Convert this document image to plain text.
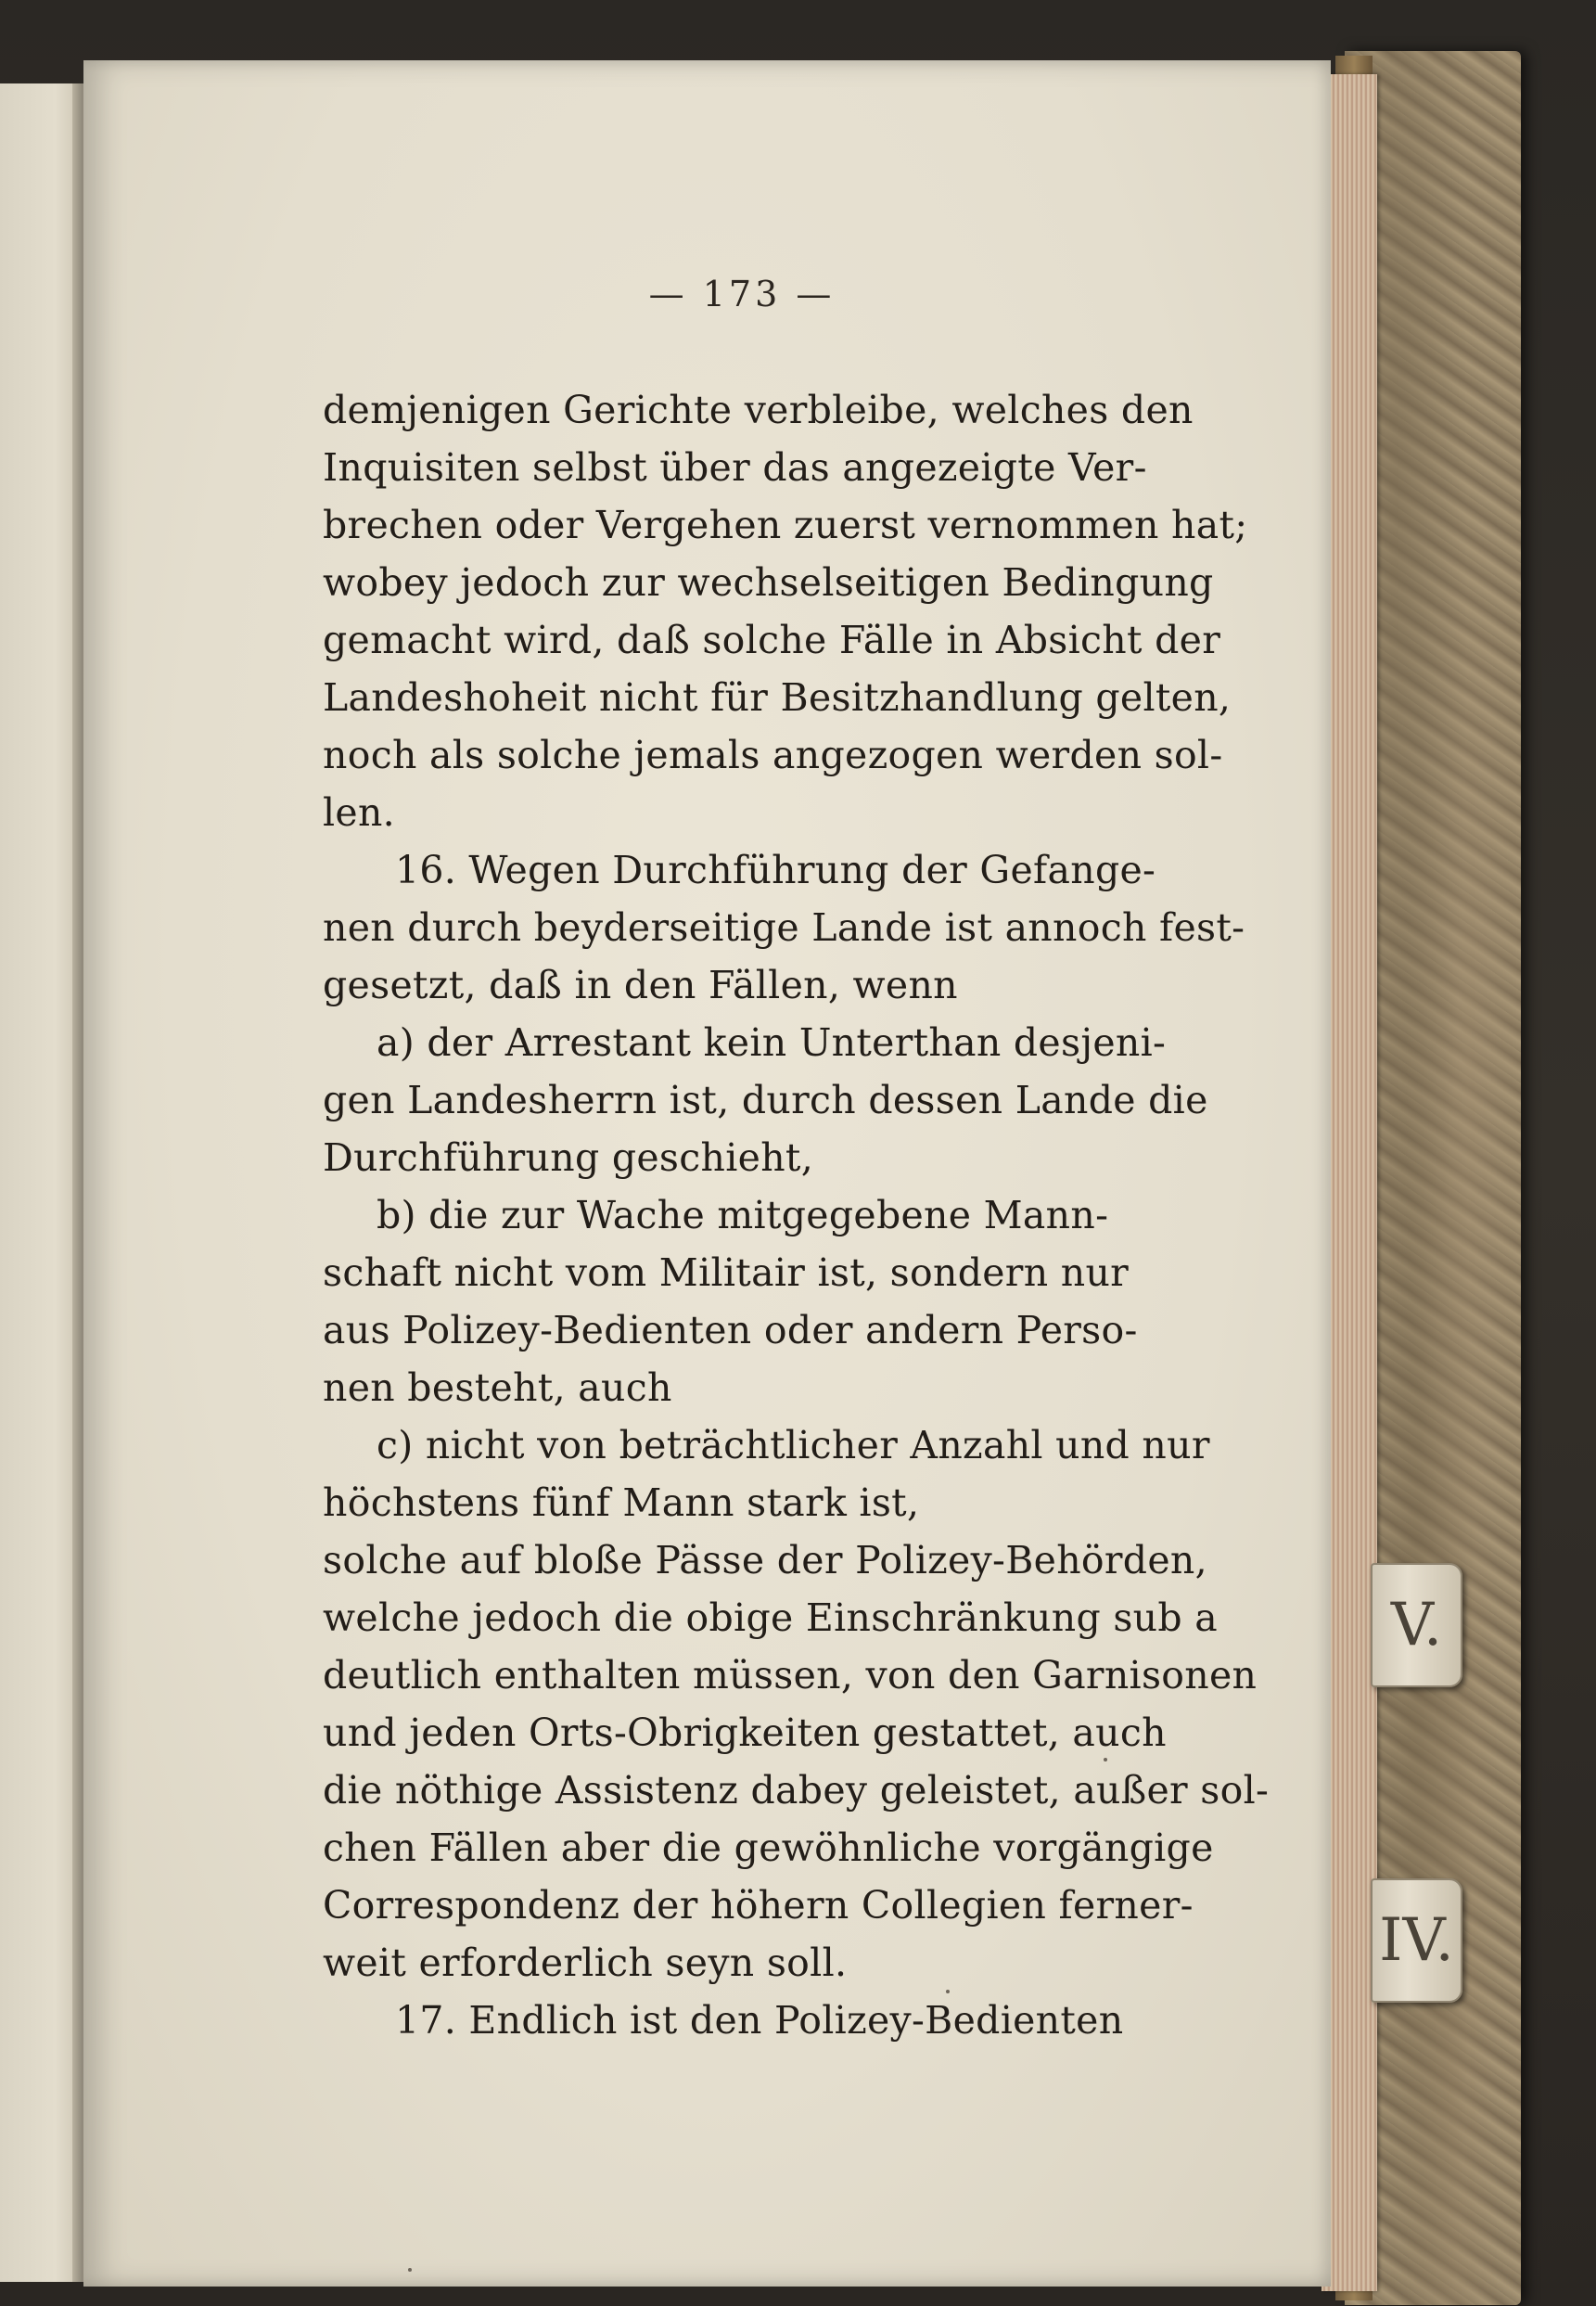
— 173 —
demjenigen Gerichte verbleibe, welches den
Inquisiten selbst über das angezeigte Ver-
brechen oder Vergehen zuerst vernommen hat;
wobey jedoch zur wechselseitigen Bedingung
gemacht wird, daß solche Fälle in Absicht der
Landeshoheit nicht für Besitzhandlung gelten,
noch als solche jemals angezogen werden sol-
len.
16. Wegen Durchführung der Gefange-
nen durch beyderseitige Lande ist annoch fest-
gesetzt, daß in den Fällen, wenn
a) der Arrestant kein Unterthan desjeni-
gen Landesherrn ist, durch dessen Lande die
Durchführung geschieht,
b) die zur Wache mitgegebene Mann-
schaft nicht vom Militair ist, sondern nur
aus Polizey-Bedienten oder andern Perso-
nen besteht, auch
c) nicht von beträchtlicher Anzahl und nur
höchstens fünf Mann stark ist,
solche auf bloße Pässe der Polizey-Behörden,
welche jedoch die obige Einschränkung sub a
deutlich enthalten müssen, von den Garnisonen
und jeden Orts-Obrigkeiten gestattet, auch
die nöthige Assistenz dabey geleistet, außer sol-
chen Fällen aber die gewöhnliche vorgängige
Correspondenz der höhern Collegien ferner-
weit erforderlich seyn soll.
17. Endlich ist den Polizey-Bedienten
V.
IV.
